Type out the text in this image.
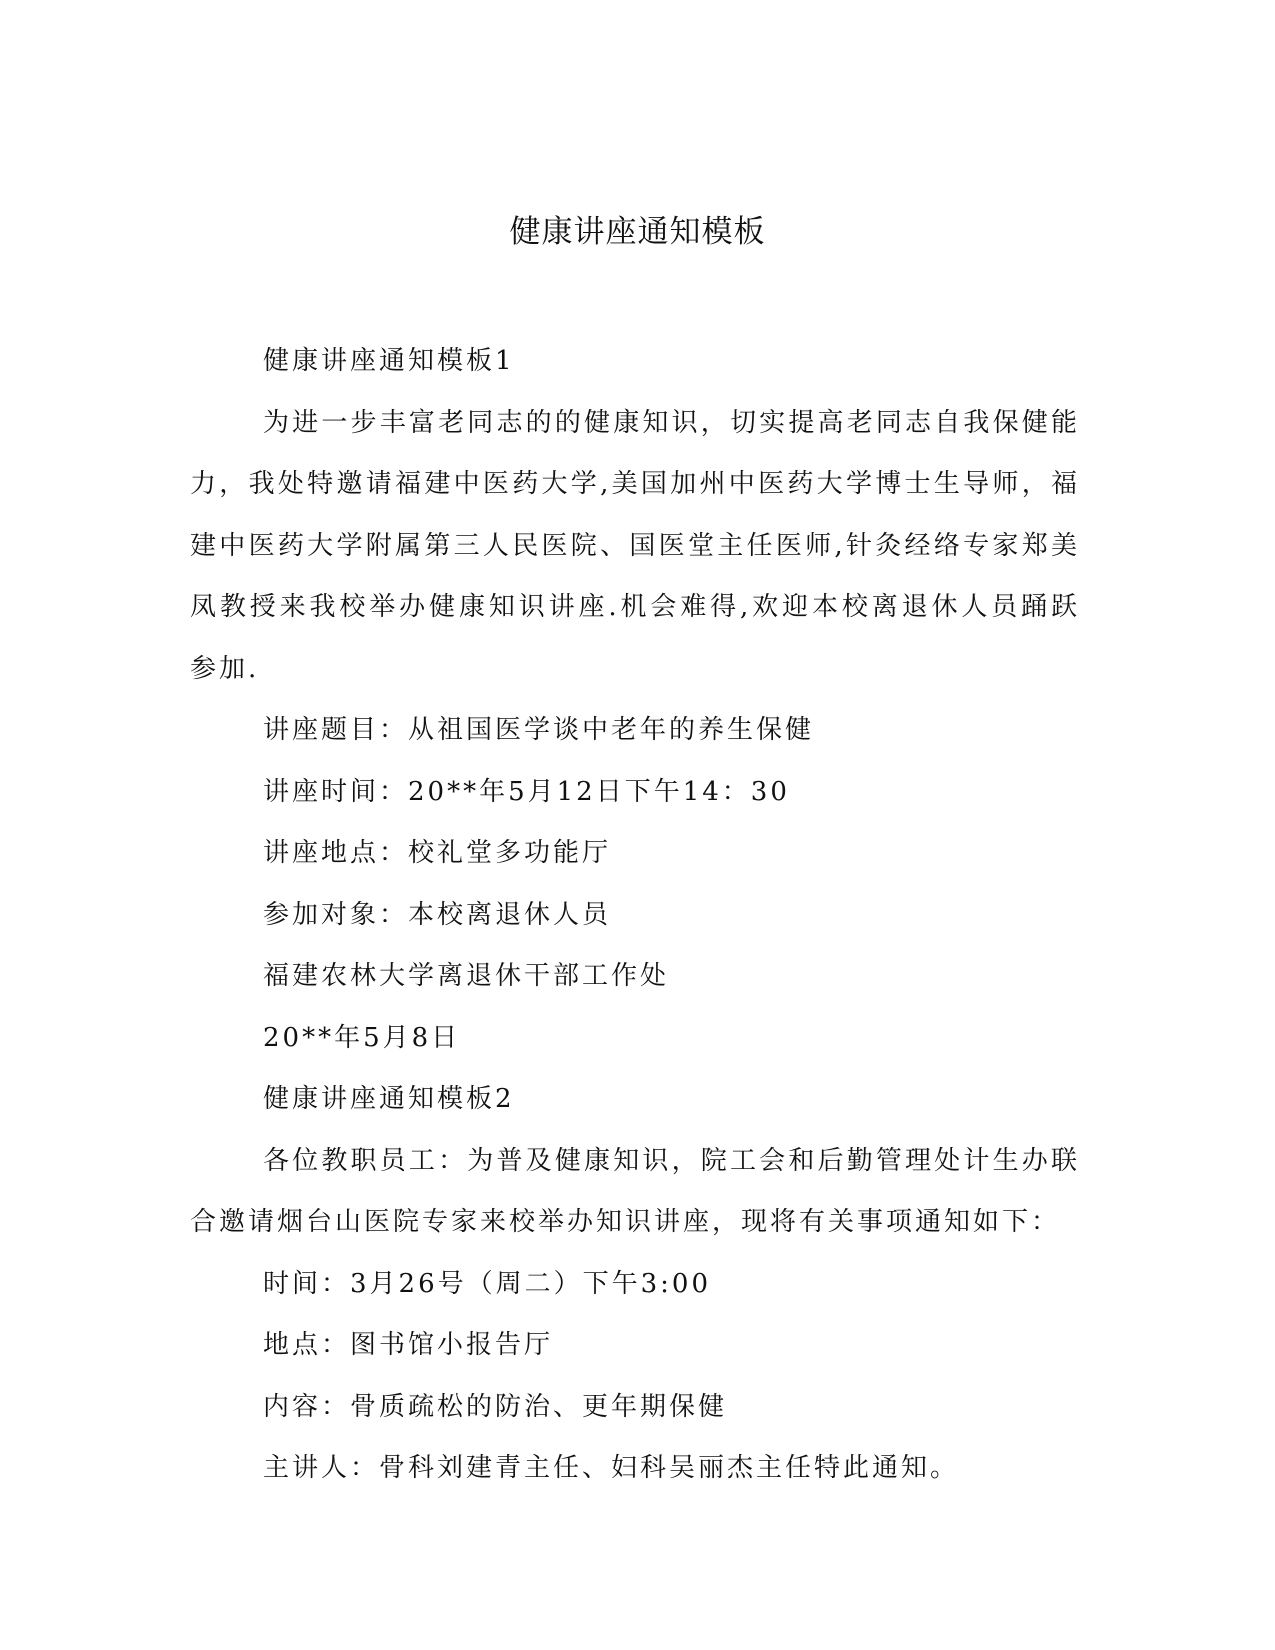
健康讲座通知模板

健康讲座通知模板1

为进一步丰富老同志的的健康知识，切实提高老同志自我保健能力，我处特邀请福建中医药大学,美国加州中医药大学博士生导师，福建中医药大学附属第三人民医院、国医堂主任医师,针灸经络专家郑美凤教授来我校举办健康知识讲座.机会难得,欢迎本校离退休人员踊跃参加.

讲座题目：从祖国医学谈中老年的养生保健

讲座时间：20**年5月12日下午14：30

讲座地点：校礼堂多功能厅

参加对象：本校离退休人员

福建农林大学离退休干部工作处

20**年5月8日

健康讲座通知模板2

各位教职员工：为普及健康知识，院工会和后勤管理处计生办联合邀请烟台山医院专家来校举办知识讲座，现将有关事项通知如下：

时间：3月26号（周二）下午3:00

地点：图书馆小报告厅

内容：骨质疏松的防治、更年期保健

主讲人：骨科刘建青主任、妇科吴丽杰主任特此通知。
